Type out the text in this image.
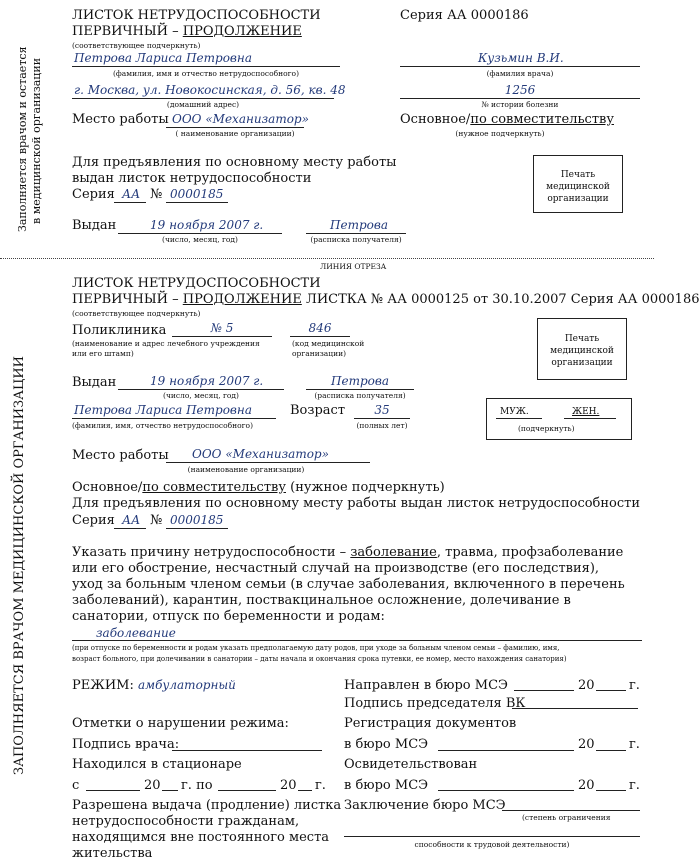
Заполняется врачом и остается в медицинской организации
ЗАПОЛНЯЕТСЯ ВРАЧОМ МЕДИЦИНСКОЙ ОРГАНИЗАЦИИ
ЛИСТОК НЕТРУДОСПОСОБНОСТИ
ПЕРВИЧНЫЙ – ПРОДОЛЖЕНИЕ
Серия АА 0000186
(соответствующее подчеркнуть)
Петрова Лариса Петровна
(фамилия, имя и отчество нетрудоспособного)
Кузьмин В.И.
(фамилия врача)
г. Москва, ул. Новокосинская, д. 56, кв. 48
(домашний адрес)
1256
№ истории болезни
Место работы ООО «Механизатор»
( наименование организации)
Основное/по совместительству
(нужное подчеркнуть)
Для предъявления по основному месту работы
выдан листок нетрудоспособности
Серия АА № 0000185
Печать
медицинской
организации
Выдан	19 ноября 2007 г.
(число, месяц, год)
Петрова
(расписка получателя)
ЛИНИЯ ОТРЕЗА
ЛИСТОК НЕТРУДОСПОСОБНОСТИ
ПЕРВИЧНЫЙ – ПРОДОЛЖЕНИЕ ЛИСТКА № АА 0000125 от 30.10.2007 Серия АА 0000186
(соответствующее подчеркнуть)
Поликлиника	№ 5
(наименование и адрес лечебного учреждения
или его штамп)
846
(код медицинской
организации)
Печать
медицинской
организации
Выдан	19 ноября 2007 г.
(число, месяц, год)
Петрова
(расписка получателя)
Петрова Лариса Петровна
(фамилия, имя, отчество нетрудоспособного)
Возраст	35
(полных лет)
МУЖ.	ЖЕН.
(подчеркнуть)
Место работы ООО «Механизатор»
(наименование организации)
Основное/по совместительству (нужное подчеркнуть)
Для предъявления по основному месту работы выдан листок нетрудоспособности
Серия АА № 0000185
Указать причину нетрудоспособности – заболевание, травма, профзаболевание
или его обострение, несчастный случай на производстве (его последствия),
уход за больным членом семьи (в случае заболевания, включенного в перечень
заболеваний), карантин, поствакцинальное осложнение, долечивание в
санатории, отпуск по беременности и родам:
заболевание
(при отпуске по беременности и родам указать предполагаемую дату родов, при уходе за больным членом семьи – фамилию, имя,
возраст больного, при долечивании в санатории – даты начала и окончания срока путевки, ее номер, место нахождения санатория)
РЕЖИМ: амбулаторный
Отметки о нарушении режима:
Подпись врача:
Находился в стационаре
с	20 г. по	20 г.
Разрешена выдача (продление) листка
нетрудоспособности гражданам,
находящимся вне постоянного места
жительства
Направлен в бюро МСЭ	20	г.
Подпись председателя ВК
Регистрация документов
в бюро МСЭ	20	г.
Освидетельствован
в бюро МСЭ	20	г.
Заключение бюро МСЭ
(степень ограничения
способности к трудовой деятельности)
